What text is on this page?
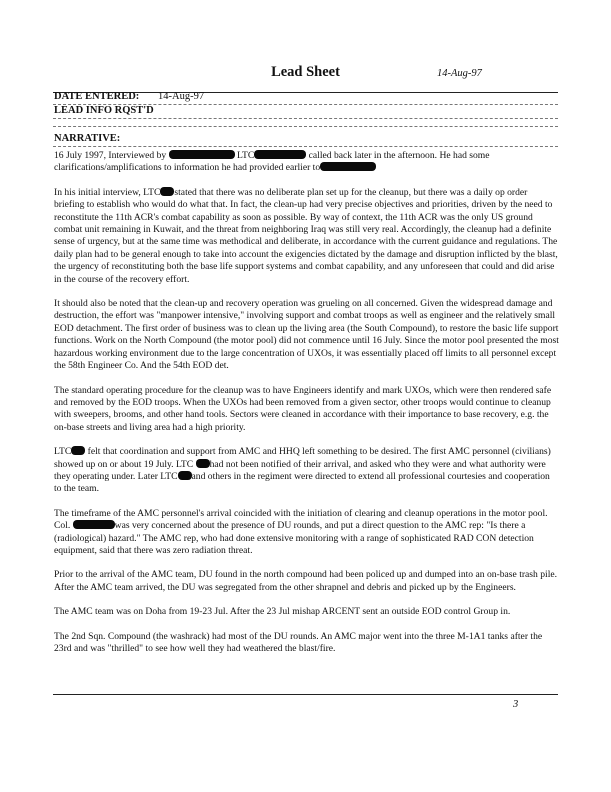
Lead Sheet	14-Aug-97
DATE ENTERED: 14-Aug-97
LEAD INFO RQST'D
NARRATIVE:

16 July 1997, Interviewed by	LTC	called back later in the afternoon. He had some clarifications/amplifications to information he had provided earlier to

In his initial interview, LTC stated that there was no deliberate plan set up for the cleanup, but there was a daily op order briefing to establish who would do what that. In fact, the clean-up had very precise objectives and priorities, driven by the need to reconstitute the 11th ACR's combat capability as soon as possible. By way of context, the 11th ACR was the only US ground combat unit remaining in Kuwait, and the threat from neighboring Iraq was still very real. Accordingly, the cleanup had a definite sense of urgency, but at the same time was methodical and deliberate, in accordance with the current guidance and regulations. The daily plan had to be general enough to take into account the exigencies dictated by the damage and disruption inflicted by the blast, the urgency of reconstituting both the base life support systems and combat capability, and any unforeseen that could and did arise in the course of the recovery effort.

It should also be noted that the clean-up and recovery operation was grueling on all concerned. Given the widespread damage and destruction, the effort was "manpower intensive," involving support and combat troops as well as engineer and the relatively small EOD detachment. The first order of business was to clean up the living area (the South Compound), to restore the basic life support functions. Work on the North Compound (the motor pool) did not commence until 16 July. Since the motor pool presented the most hazardous working environment due to the large concentration of UXOs, it was essentially placed off limits to all personnel except the 58th Engineer Co. And the 54th EOD det.

The standard operating procedure for the cleanup was to have Engineers identify and mark UXOs, which were then rendered safe and removed by the EOD troops. When the UXOs had been removed from a given sector, other troops would continue to cleanup with sweepers, brooms, and other hand tools. Sectors were cleaned in accordance with their importance to base recovery, e.g. the on-base streets and living area had a high priority.

LTC felt that coordination and support from AMC and HHQ left something to be desired. The first AMC personnel (civilians) showed up on or about 19 July. LTC had not been notified of their arrival, and asked who they were and what authority were they operating under. Later LTC and others in the regiment were directed to extend all professional courtesies and cooperation to the team.

The timeframe of the AMC personnel's arrival coincided with the initiation of clearing and cleanup operations in the motor pool. Col.	was very concerned about the presence of DU rounds, and put a direct question to the AMC rep: "Is there a (radiological) hazard." The AMC rep, who had done extensive monitoring with a range of sophisticated RAD CON detection equipment, said that there was zero radiation threat.

Prior to the arrival of the AMC team, DU found in the north compound had been policed up and dumped into an on-base trash pile. After the AMC team arrived, the DU was segregated from the other shrapnel and debris and picked up by the Engineers.

The AMC team was on Doha from 19-23 Jul. After the 23 Jul mishap ARCENT sent an outside EOD control Group in.

The 2nd Sqn. Compound (the washrack) had most of the DU rounds. An AMC major went into the three M-1A1 tanks after the 23rd and was "thrilled" to see how well they had weathered the blast/fire.

3
